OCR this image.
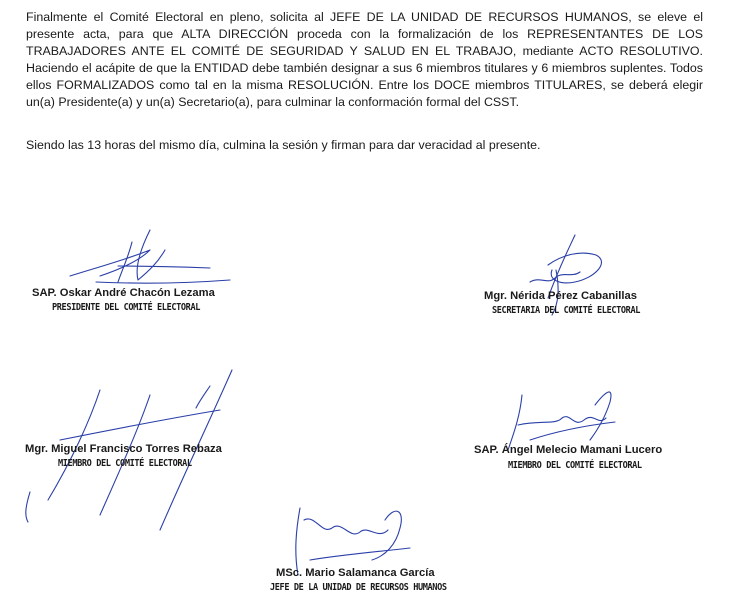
Finalmente el Comité Electoral en pleno, solicita al JEFE DE LA UNIDAD DE RECURSOS HUMANOS, se eleve el presente acta, para que ALTA DIRECCIÓN proceda con la formalización de los REPRESENTANTES DE LOS TRABAJADORES ANTE EL COMITÉ DE SEGURIDAD Y SALUD EN EL TRABAJO, mediante ACTO RESOLUTIVO. Haciendo el acápite de que la ENTIDAD debe también designar a sus 6 miembros titulares y 6 miembros suplentes. Todos ellos FORMALIZADOS como tal en la misma RESOLUCIÓN. Entre los DOCE miembros TITULARES, se deberá elegir un(a) Presidente(a) y un(a) Secretario(a), para culminar la conformación formal del CSST.

Siendo las 13 horas del mismo día, culmina la sesión y firman para dar veracidad al presente.

SAP. Oskar André Chacón Lezama
PRESIDENTE DEL COMITÉ ELECTORAL
Mgr. Nérida Pérez Cabanillas
SECRETARIA DEL COMITÉ ELECTORAL
Mgr. Miguel Francisco Torres Rebaza
MIEMBRO DEL COMITÉ ELECTORAL
SAP. Ángel Melecio Mamani Lucero
MIEMBRO DEL COMITÉ ELECTORAL
MSc. Mario Salamanca García
JEFE DE LA UNIDAD DE RECURSOS HUMANOS
